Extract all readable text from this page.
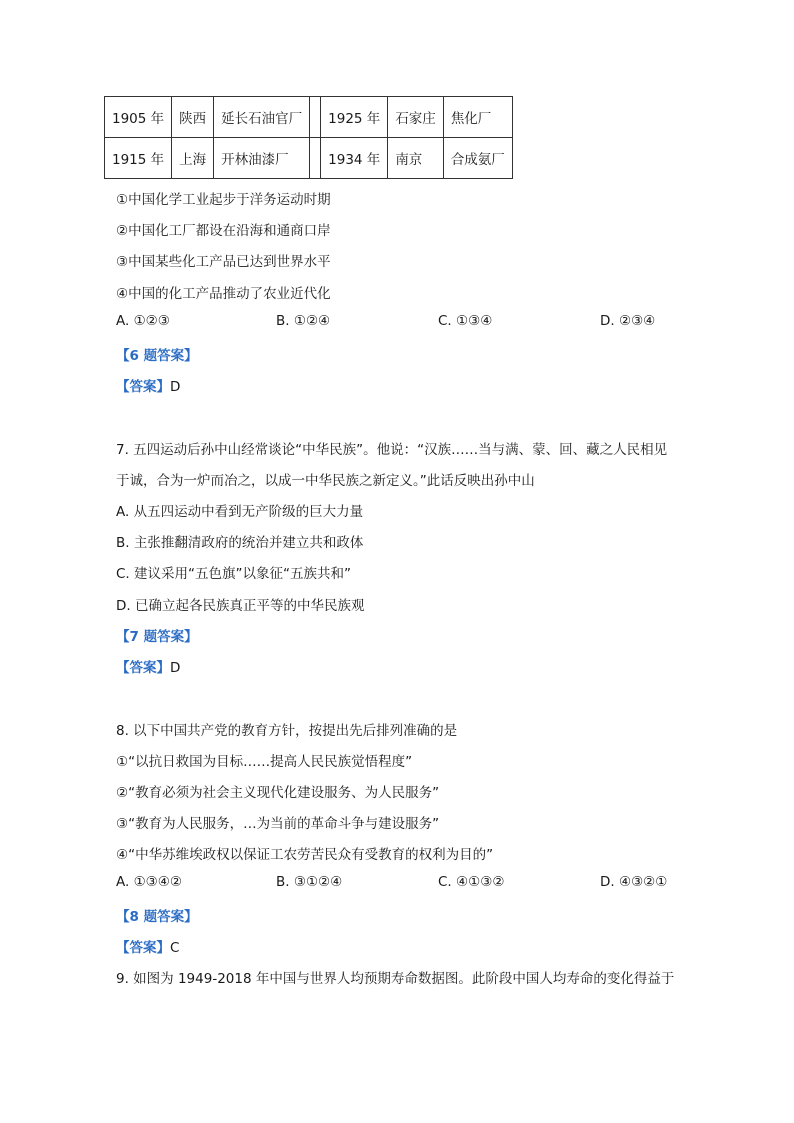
1905 年	陕西	延长石油官厂		1925 年	石家庄	焦化厂
1915 年	上海	开林油漆厂		1934 年	南京	合成氨厂
①中国化学工业起步于洋务运动时期
②中国化工厂都设在沿海和通商口岸
③中国某些化工产品已达到世界水平
④中国的化工产品推动了农业近代化
A. ①②③	B. ①②④	C. ①③④	D. ②③④
【6 题答案】
【答案】D
7. 五四运动后孙中山经常谈论“中华民族”。他说：“汉族……当与满、蒙、回、藏之人民相见
于诚，合为一炉而冶之，以成一中华民族之新定义。”此话反映出孙中山
A. 从五四运动中看到无产阶级的巨大力量
B. 主张推翻清政府的统治并建立共和政体
C. 建议采用“五色旗”以象征“五族共和”
D. 已确立起各民族真正平等的中华民族观
【7 题答案】
【答案】D
8. 以下中国共产党的教育方针，按提出先后排列准确的是
①“以抗日救国为目标……提高人民民族觉悟程度”
②“教育必须为社会主义现代化建设服务、为人民服务”
③“教育为人民服务，…为当前的革命斗争与建设服务”
④“中华苏维埃政权以保证工农劳苦民众有受教育的权利为目的”
A. ①③④②	B. ③①②④	C. ④①③②	D. ④③②①
【8 题答案】
【答案】C
9. 如图为 1949-2018 年中国与世界人均预期寿命数据图。此阶段中国人均寿命的变化得益于
